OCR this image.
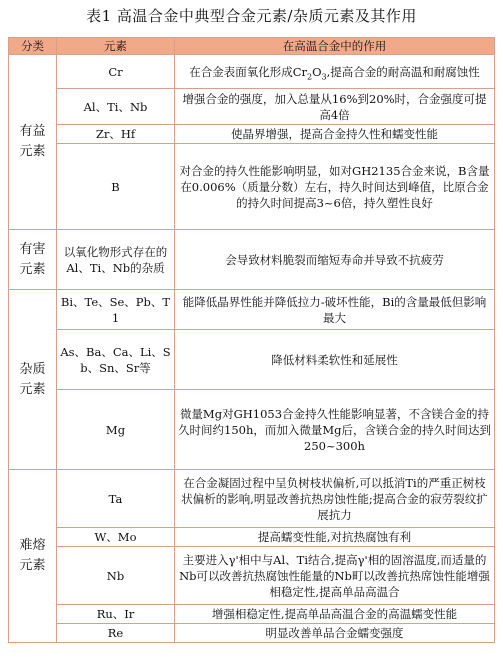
表1 高温合金中典型合金元素/杂质元素及其作用
分类	元素	在高温合金中的作用
有益元素	Cr	在合金表面氧化形成$Cr_2O_3$,提高合金的耐高温和耐腐蚀性
	Al、Ti、Nb	增强合金的强度，加入总量从16%到20%时，合金强度可提高4倍
	Zr、Hf	使晶界增强，提高合金持久性和蠕变性能
	B	对合金的持久性能影响明显，如对GH2135合金来说，B含量在0.006%（质量分数）左右，持久时间达到峰值，比原合金的持久时间提高3~6倍，持久塑性良好
有害元素	以氧化物形式存在的Al、Ti、Nb的杂质	会导致材料脆裂而缩短寿命并导致不抗疲劳
杂质元素	Bi、Te、Se、Pb、T1	能降低晶界性能并降低拉力-破坏性能，Bi的含量最低但影响最大
	As、Ba、Ca、Li、Sb、Sn、Sr等	降低材料柔软性和延展性
	Mg	微量Mg对GH1053合金持久性能影响显著，不含镁合金的持久时间约150h，而加入微量Mg后，含镁合金的持久时间达到250~300h
难熔元素	Ta	在合金凝固过程中呈负树枝状偏析,可以抵消Ti的严重正树枝状偏析的影响,明显改善抗热房蚀性能;提高合金的寂劳裂纹扩展抗力
	W、Mo	提高蠕变性能,对抗热腐蚀有利
	Nb	主要进入γ'相中与Al、Ti结合,提高γ'相的固溶温度,而适量的Nb可以改善抗热腐蚀性能量的Nb町以改善抗热席蚀性能增强相稳定性,提高单品高温合
	Ru、Ir	增强相稳定性,提高单品高温合金的高温蠕变性能
	Re	明显改善单品合金蠕变强度
